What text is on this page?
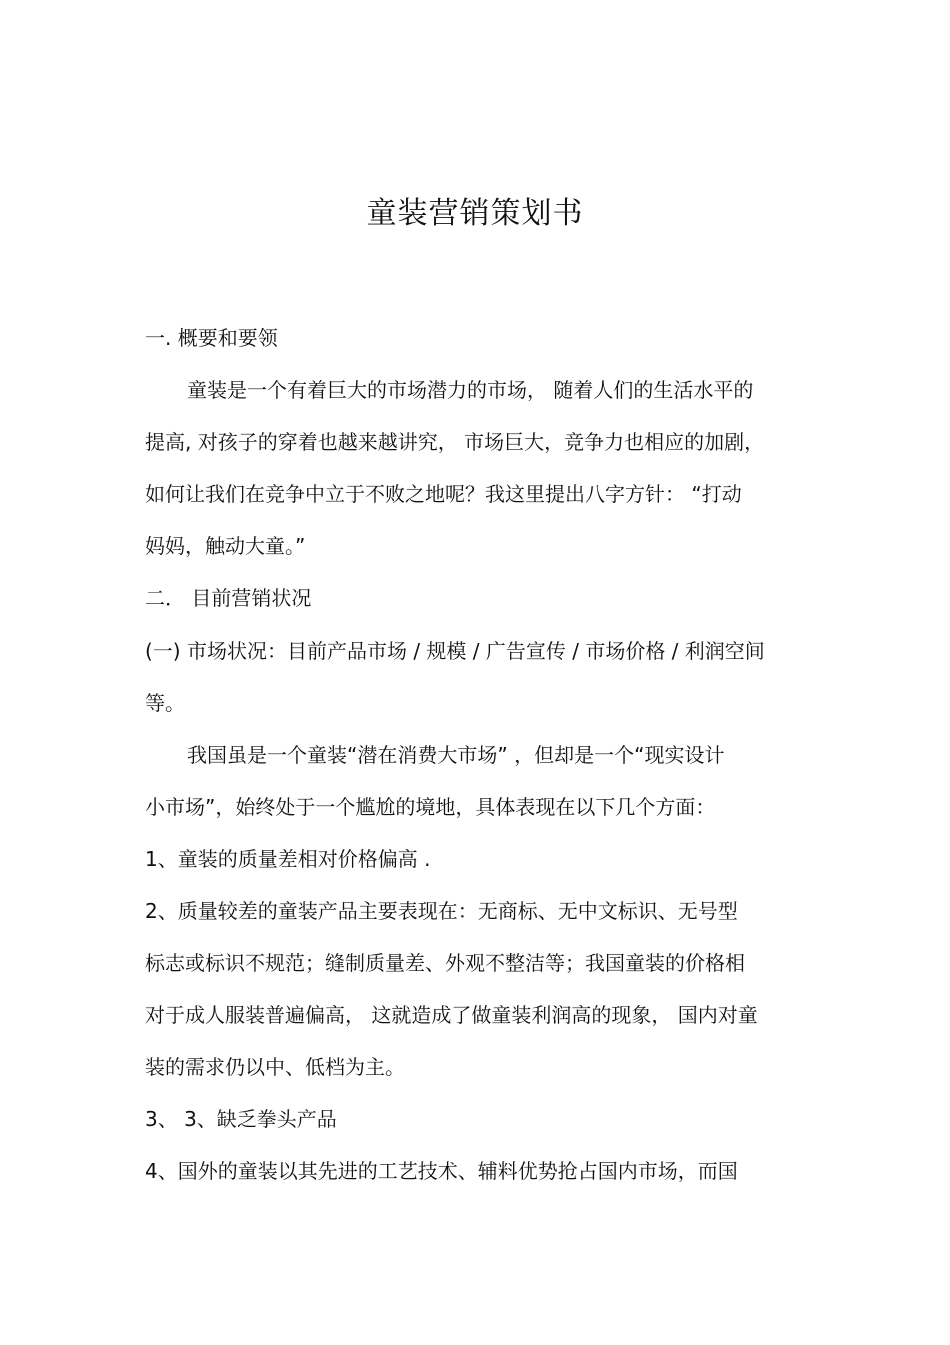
童装营销策划书
一. 概要和要领
童装是一个有着巨大的市场潜力的市场， 随着人们的生活水平的
提高, 对孩子的穿着也越来越讲究， 市场巨大，竞争力也相应的加剧，
如何让我们在竞争中立于不败之地呢？我这里提出八字方针： “打动
妈妈，触动大童。”
二． 目前营销状况
(一) 市场状况：目前产品市场 / 规模 / 广告宣传 / 市场价格 / 利润空间
等。
我国虽是一个童装“潜在消费大市场” ，但却是一个“现实设计
小市场”，始终处于一个尴尬的境地，具体表现在以下几个方面：
1、童装的质量差相对价格偏高 .
2、质量较差的童装产品主要表现在：无商标、无中文标识、无号型
标志或标识不规范；缝制质量差、外观不整洁等；我国童装的价格相
对于成人服装普遍偏高， 这就造成了做童装利润高的现象， 国内对童
装的需求仍以中、低档为主。
3、 3、缺乏拳头产品
4、国外的童装以其先进的工艺技术、辅料优势抢占国内市场，而国
